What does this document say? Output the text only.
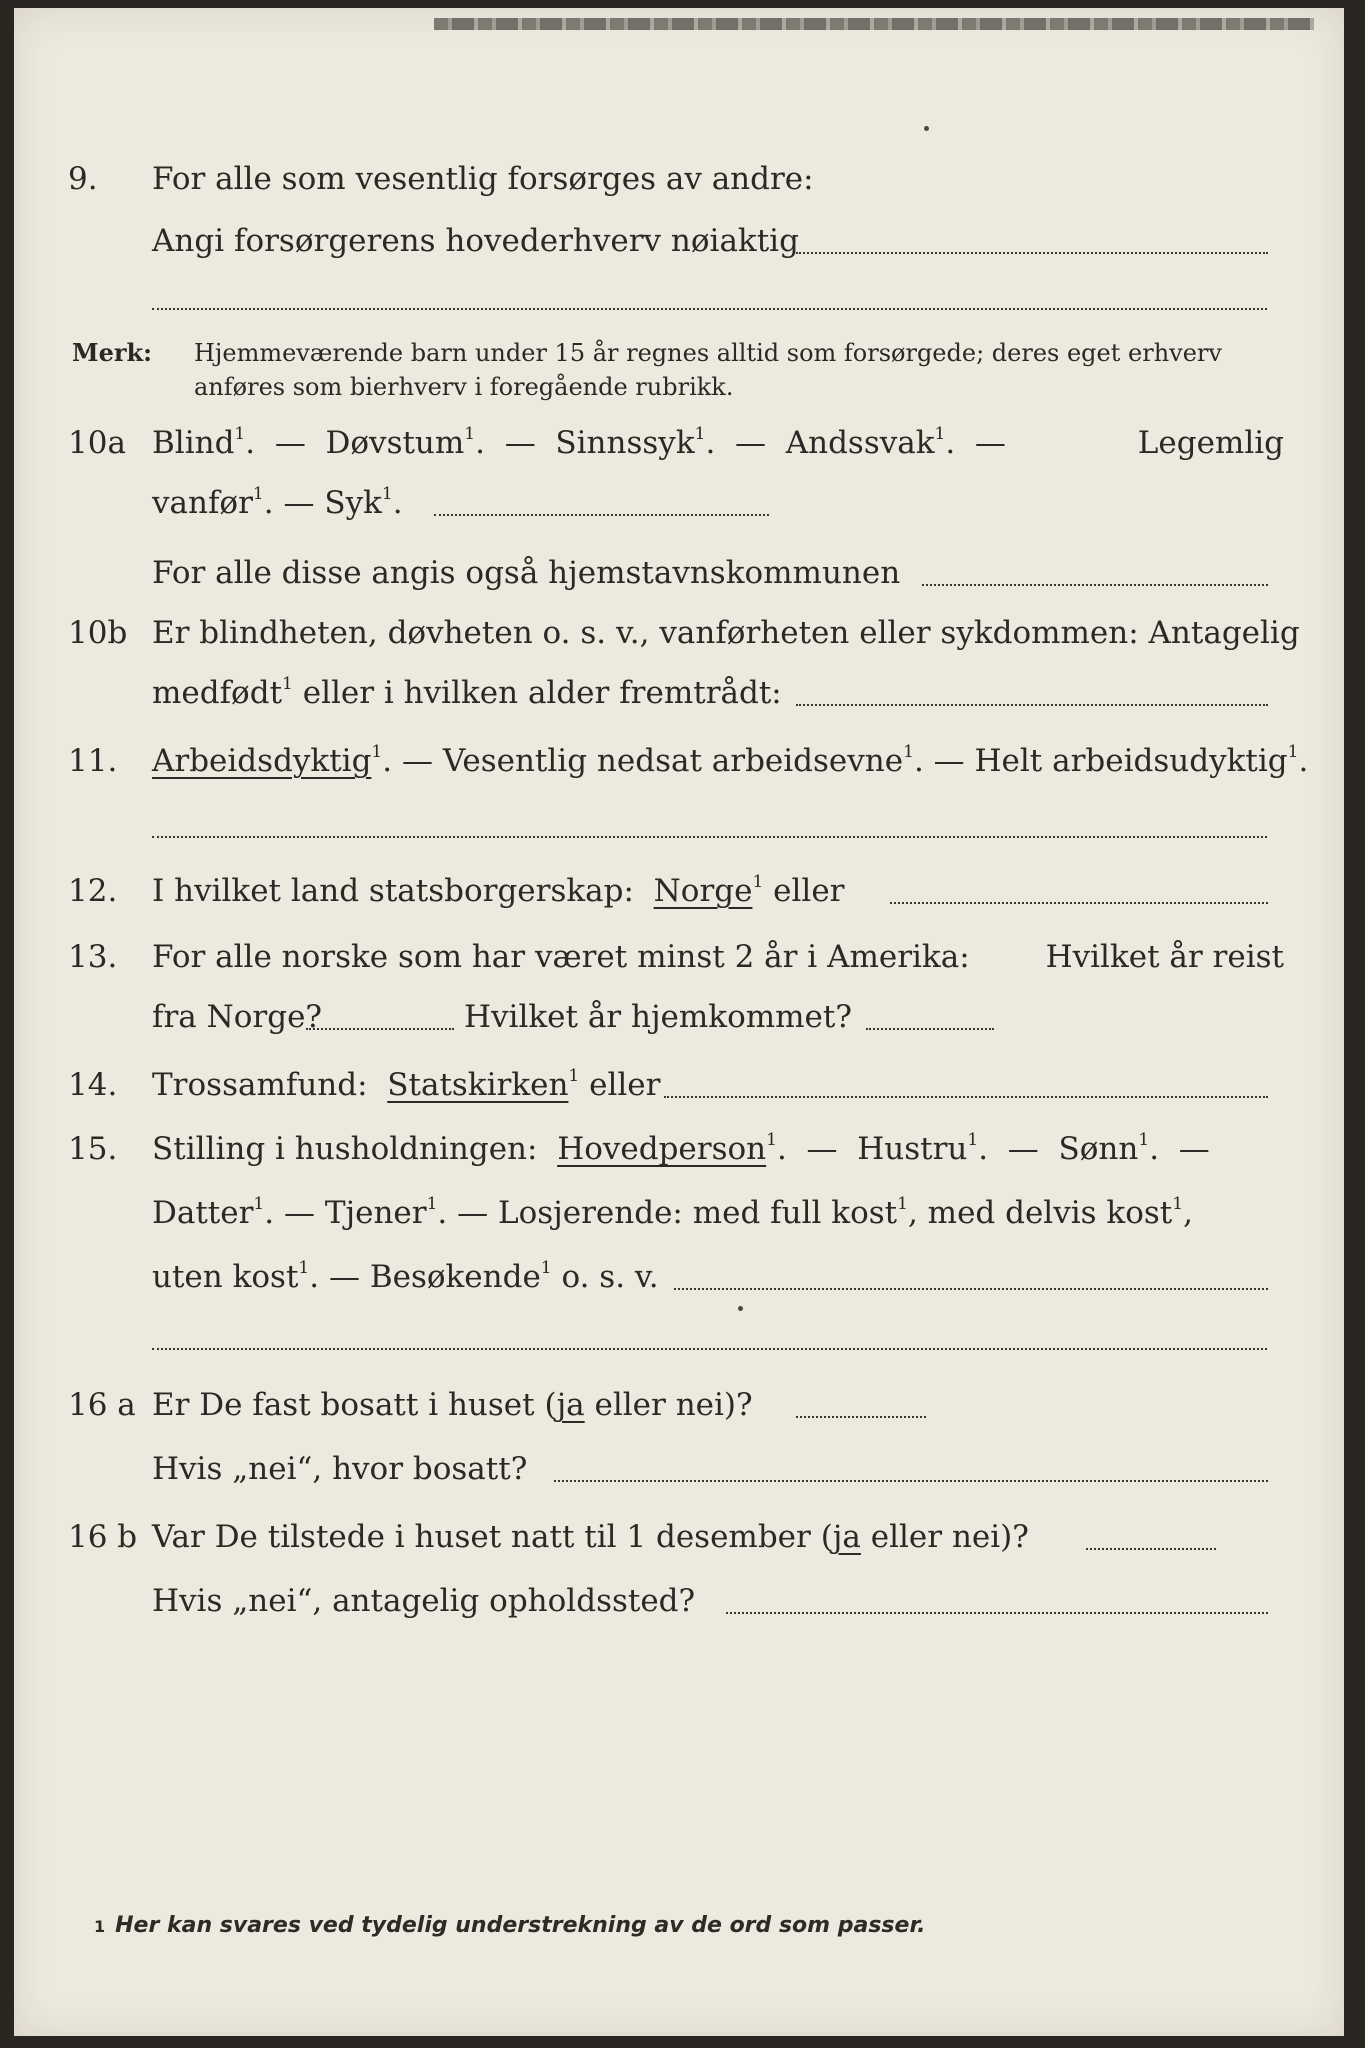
9. For alle som vesentlig forsørges av andre:
Angi forsørgerens hovederhverv nøiaktig
Merk: Hjemmeværende barn under 15 år regnes alltid som forsørgede; deres eget erhverv
anføres som bierhverv i foregående rubrikk.
10a Blind$^1$.  — Døvstum$^1$.  — Sinnssyk$^1$.  — Andssvak$^1$.  —	Legemlig
vanfør$^1$. — Syk$^1$.
For alle disse angis også hjemstavnskommunen
10b Er blindheten, døvheten o. s. v., vanførheten eller sykdommen: Antagelig
medfødt$^1$ eller i hvilken alder fremtrådt:
11. Arbeidsdyktig$^1$. — Vesentlig nedsat arbeidsevne$^1$. — Helt arbeidsudyktig$^1$.
12. I hvilket land statsborgerskap: Norge$^1$ eller
13. For alle norske som har været minst 2 år i Amerika: Hvilket år reist
fra Norge?	Hvilket år hjemkommet?
14. Trossamfund: Statskirken$^1$ eller
15. Stilling i husholdningen: Hovedperson$^1$.  — Hustru$^1$.  — Sønn$^1$.  —
Datter$^1$. — Tjener$^1$. — Losjerende: med full kost$^1$, med delvis kost$^1$,
uten kost$^1$. — Besøkende$^1$ o. s. v.
16 a Er De fast bosatt i huset (ja eller nei)?
Hvis „nei“, hvor bosatt?
16 b Var De tilstede i huset natt til 1 desember (ja eller nei)?
Hvis „nei“, antagelig opholdssted?
1 Her kan svares ved tydelig understrekning av de ord som passer.
